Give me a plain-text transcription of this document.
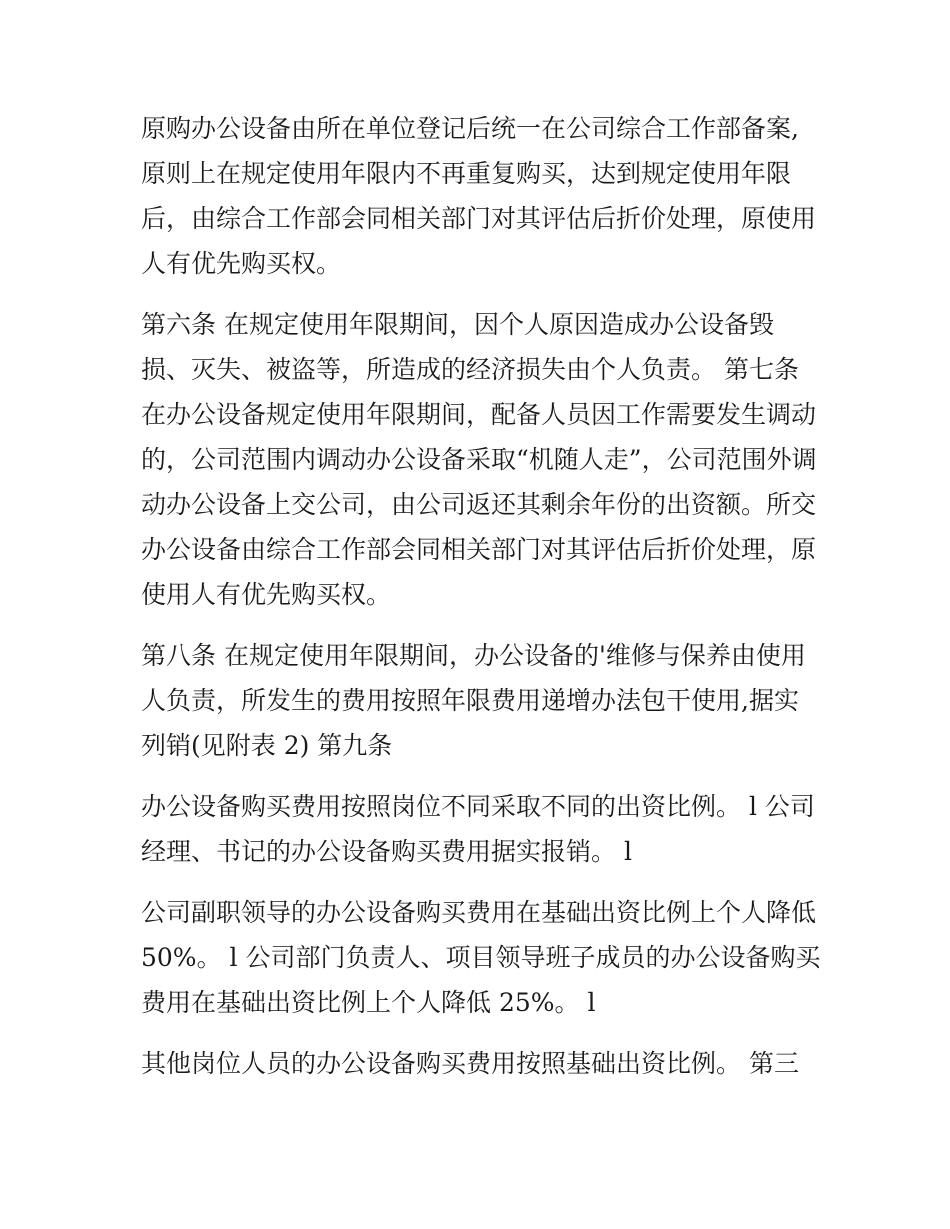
原购办公设备由所在单位登记后统一在公司综合工作部备案,
原则上在规定使用年限内不再重复购买，达到规定使用年限
后，由综合工作部会同相关部门对其评估后折价处理，原使用
人有优先购买权。
第六条 在规定使用年限期间，因个人原因造成办公设备毁
损、灭失、被盗等，所造成的经济损失由个人负责。 第七条
在办公设备规定使用年限期间，配备人员因工作需要发生调动
的，公司范围内调动办公设备采取“机随人走”，公司范围外调
动办公设备上交公司，由公司返还其剩余年份的出资额。所交
办公设备由综合工作部会同相关部门对其评估后折价处理，原
使用人有优先购买权。
第八条 在规定使用年限期间，办公设备的'维修与保养由使用
人负责，所发生的费用按照年限费用递增办法包干使用,据实
列销(见附表 2) 第九条
办公设备购买费用按照岗位不同采取不同的出资比例。 l 公司
经理、书记的办公设备购买费用据实报销。 l
公司副职领导的办公设备购买费用在基础出资比例上个人降低
50%。 l 公司部门负责人、项目领导班子成员的办公设备购买
费用在基础出资比例上个人降低 25%。 l
其他岗位人员的办公设备购买费用按照基础出资比例。 第三
